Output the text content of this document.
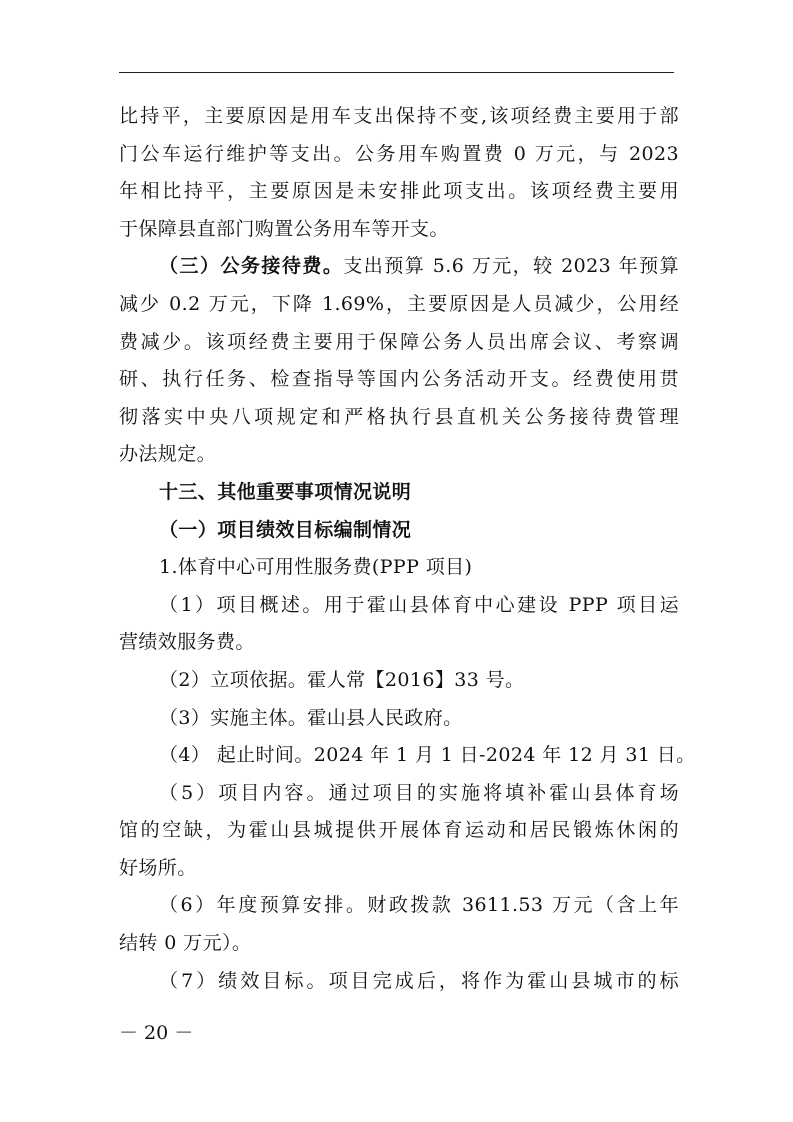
比持平，主要原因是用车支出保持不变,该项经费主要用于部
门公车运行维护等支出。公务用车购置费 0 万元，与 2023
年相比持平，主要原因是未安排此项支出。该项经费主要用
于保障县直部门购置公务用车等开支。
（三）公务接待费。支出预算 5.6 万元，较 2023 年预算
减少 0.2 万元，下降 1.69%，主要原因是人员减少，公用经
费减少。该项经费主要用于保障公务人员出席会议、考察调
研、执行任务、检查指导等国内公务活动开支。经费使用贯
彻落实中央八项规定和严格执行县直机关公务接待费管理
办法规定。
十三、其他重要事项情况说明
（一）项目绩效目标编制情况
1.体育中心可用性服务费(PPP 项目)
（1）项目概述。用于霍山县体育中心建设 PPP 项目运
营绩效服务费。
（2）立项依据。霍人常【2016】33 号。
（3）实施主体。霍山县人民政府。
（4） 起止时间。2024 年 1 月 1 日-2024 年 12 月 31 日。
（5）项目内容。通过项目的实施将填补霍山县体育场
馆的空缺，为霍山县城提供开展体育运动和居民锻炼休闲的
好场所。
（6）年度预算安排。财政拨款 3611.53 万元（含上年
结转 0 万元）。
（7）绩效目标。项目完成后，将作为霍山县城市的标
－ 20 －
